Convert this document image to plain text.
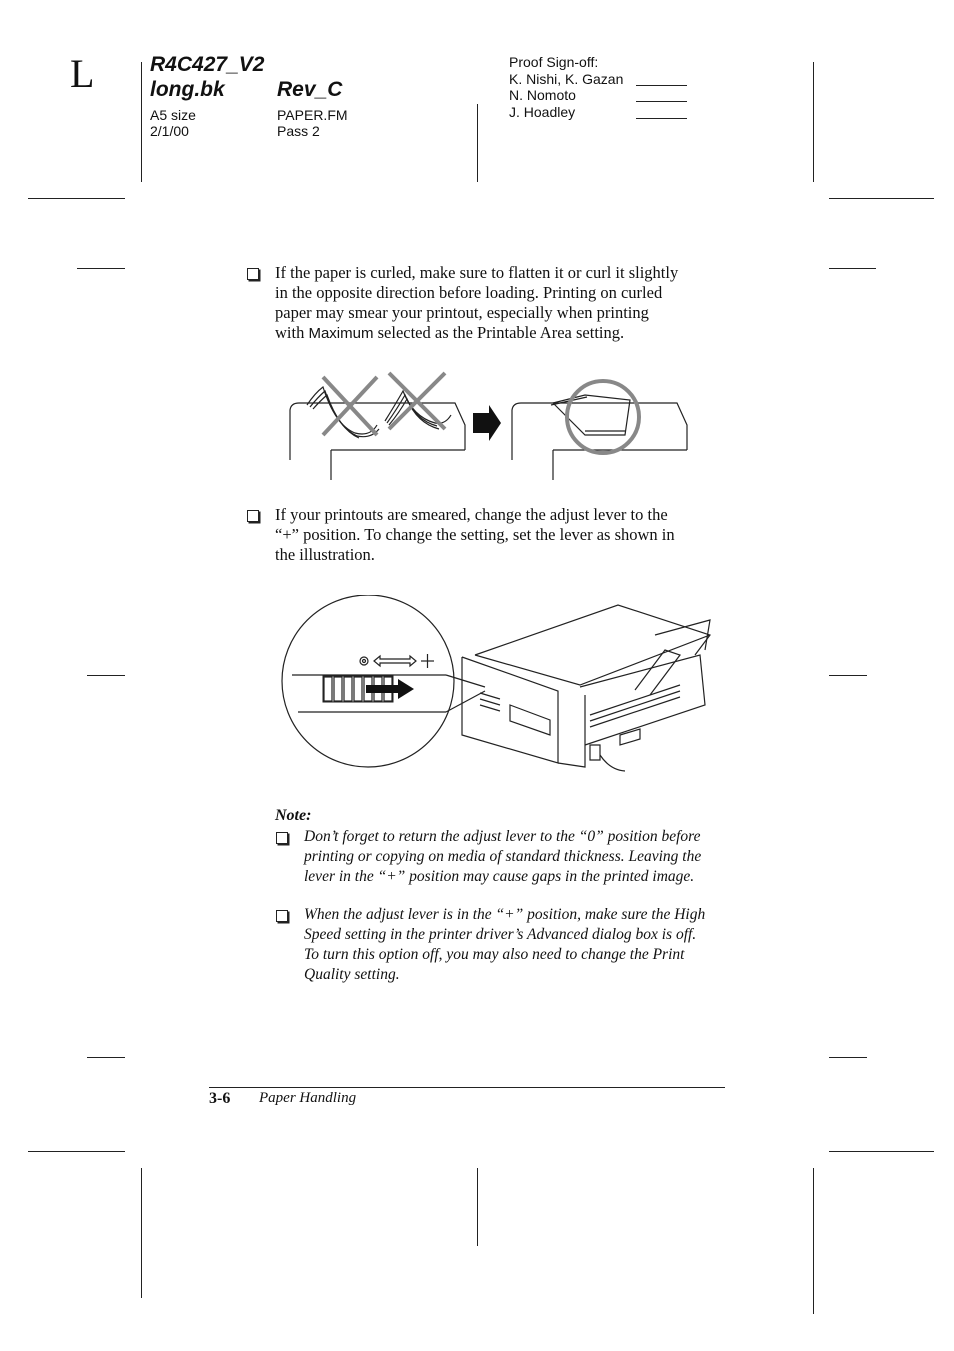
L	R4C427_V2
long.bk Rev_C
A5 size
2/1/00
PAPER.FM
Pass 2
Proof Sign-off:
K. Nishi, K. Gazan
N. Nomoto
J. Hoadley
If the paper is curled, make sure to flatten it or curl it slightly
in the opposite direction before loading. Printing on curled
paper may smear your printout, especially when printing
with Maximum selected as the Printable Area setting.
If your printouts are smeared, change the adjust lever to the
“+” position. To change the setting, set the lever as shown in
the illustration.
Note:
Don’t forget to return the adjust lever to the “0” position before
printing or copying on media of standard thickness. Leaving the
lever in the “+” position may cause gaps in the printed image.
When the adjust lever is in the “+” position, make sure the High
Speed setting in the printer driver’s Advanced dialog box is off.
To turn this option off, you may also need to change the Print
Quality setting.
3-6 Paper Handling
